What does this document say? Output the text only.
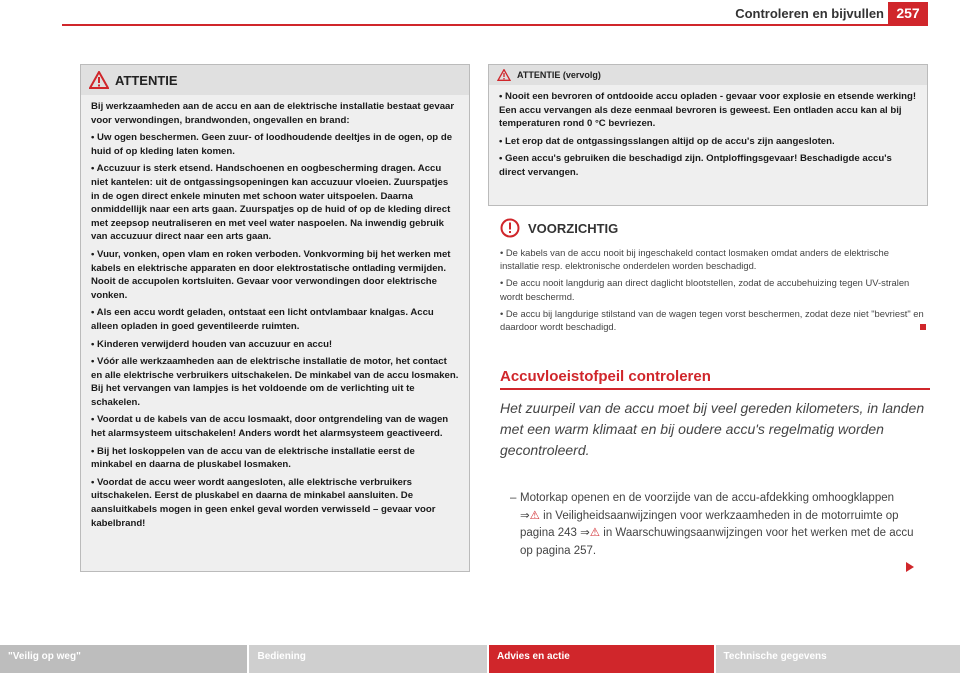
Controleren en bijvullen 257
ATTENTIE

Bij werkzaamheden aan de accu en aan de elektrische installatie bestaat gevaar voor verwondingen, brandwonden, ongevallen en brand:

• Uw ogen beschermen. Geen zuur- of loodhoudende deeltjes in de ogen, op de huid of op kleding laten komen.

• Accuzuur is sterk etsend. Handschoenen en oogbescherming dragen. Accu niet kantelen: uit de ontgassingsopeningen kan accuzuur vloeien. Zuurspatjes in de ogen direct enkele minuten met schoon water uitspoelen. Daarna onmiddellijk naar een arts gaan. Zuurspatjes op de huid of op de kleding direct met zeepsop neutraliseren en met veel water naspoelen. Na inwendig gebruik van accuzuur direct naar een arts gaan.

• Vuur, vonken, open vlam en roken verboden. Vonkvorming bij het werken met kabels en elektrische apparaten en door elektrostatische ontlading vermijden. Nooit de accupolen kortsluiten. Gevaar voor verwondingen door elektrische vonken.

• Als een accu wordt geladen, ontstaat een licht ontvlambaar knalgas. Accu alleen opladen in goed geventileerde ruimten.

• Kinderen verwijderd houden van accuzuur en accu!

• Vóór alle werkzaamheden aan de elektrische installatie de motor, het contact en alle elektrische verbruikers uitschakelen. De minkabel van de accu losmaken. Bij het vervangen van lampjes is het voldoende om de verlichting uit te schakelen.

• Voordat u de kabels van de accu losmaakt, door ontgrendeling van de wagen het alarmsysteem uitschakelen! Anders wordt het alarmsysteem geactiveerd.

• Bij het loskoppelen van de accu van de elektrische installatie eerst de minkabel en daarna de pluskabel losmaken.

• Voordat de accu weer wordt aangesloten, alle elektrische verbruikers uitschakelen. Eerst de pluskabel en daarna de minkabel aansluiten. De aansluitkabels mogen in geen enkel geval worden verwisseld – gevaar voor kabelbrand!

ATTENTIE (vervolg)

• Nooit een bevroren of ontdooide accu opladen - gevaar voor explosie en etsende werking! Een accu vervangen als deze eenmaal bevroren is geweest. Een ontladen accu kan al bij temperaturen rond 0 °C bevriezen.

• Let erop dat de ontgassingsslangen altijd op de accu's zijn aangesloten.

• Geen accu's gebruiken die beschadigd zijn. Ontploffingsgevaar! Beschadigde accu's direct vervangen.

VOORZICHTIG

• De kabels van de accu nooit bij ingeschakeld contact losmaken omdat anders de elektrische installatie resp. elektronische onderdelen worden beschadigd.

• De accu nooit langdurig aan direct daglicht blootstellen, zodat de accubehuizing tegen UV-stralen wordt beschermd.

• De accu bij langdurige stilstand van de wagen tegen vorst beschermen, zodat deze niet "bevriest" en daardoor wordt beschadigd.

Accuvloeistofpeil controleren
Het zuurpeil van de accu moet bij veel gereden kilometers, in landen met een warm klimaat en bij oudere accu's regelmatig worden gecontroleerd.
– Motorkap openen en de voorzijde van de accu-afdekking omhoogklappen ⇒⚠ in Veiligheidsaanwijzingen voor werkzaamheden in de motorruimte op pagina 243 ⇒⚠ in Waarschuwingsaanwijzingen voor het werken met de accu op pagina 257.
"Veilig op weg"	Bediening	Advies en actie	Technische gegevens
